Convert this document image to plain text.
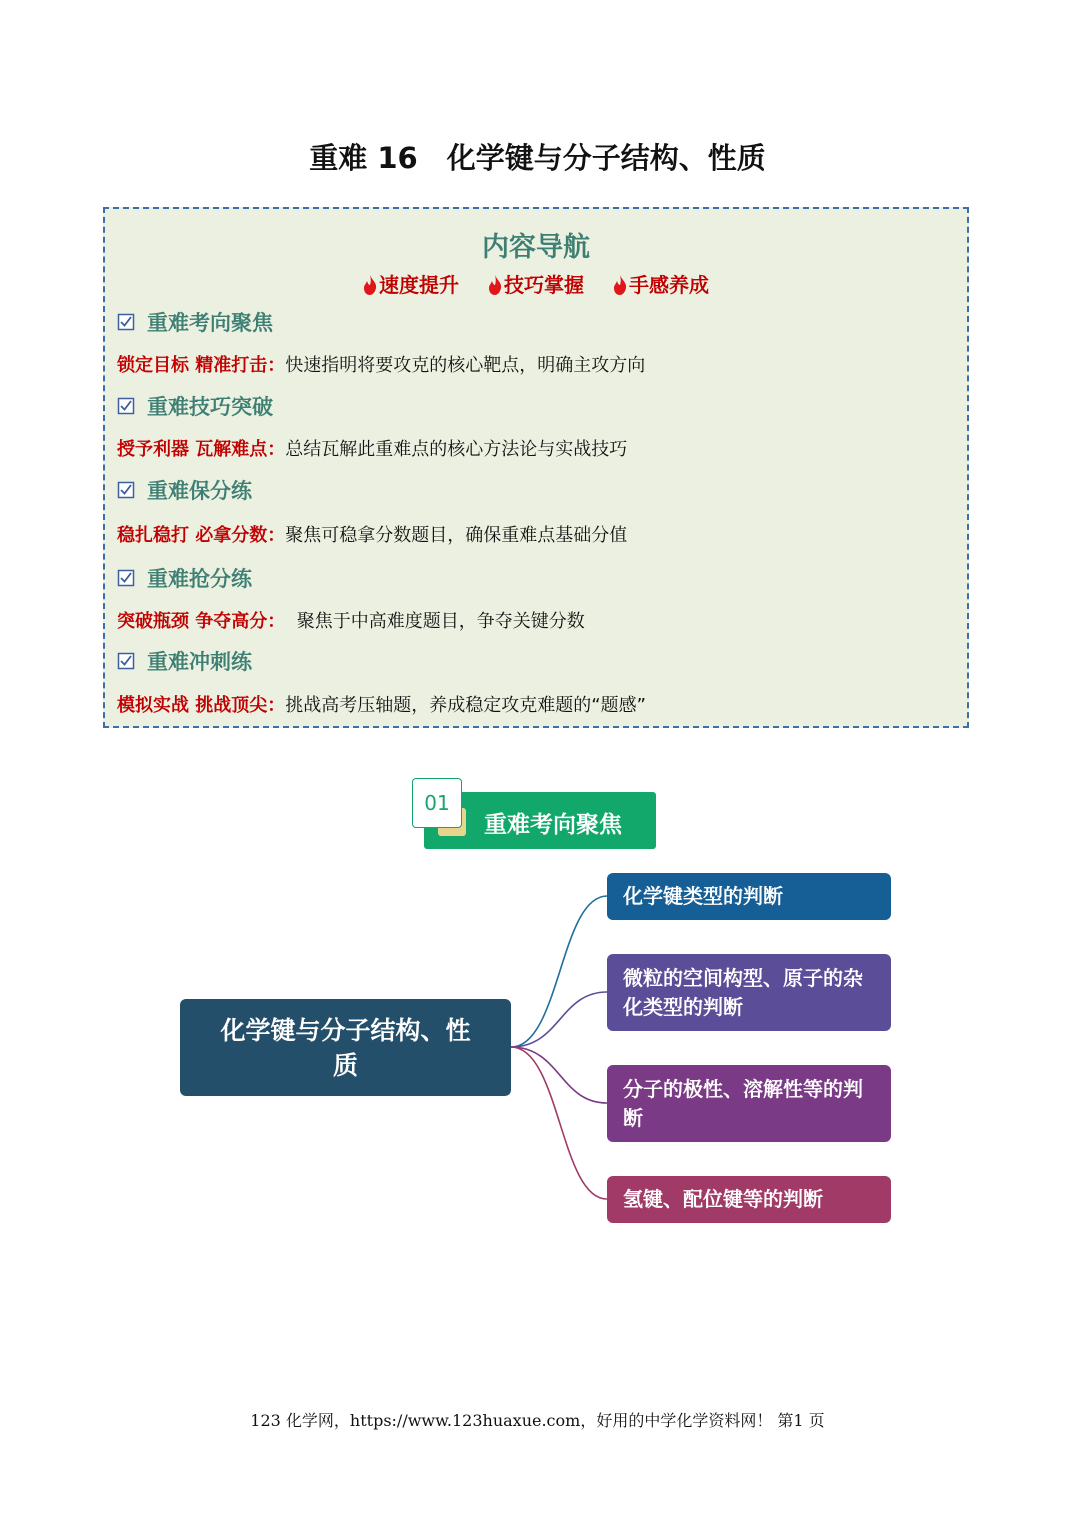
重难 16　化学键与分子结构、性质
内容导航
速度提升 技巧掌握 手感养成
重难考向聚焦
锁定目标 精准打击：快速指明将要攻克的核心靶点，明确主攻方向
重难技巧突破
授予利器 瓦解难点：总结瓦解此重难点的核心方法论与实战技巧
重难保分练
稳扎稳打 必拿分数：聚焦可稳拿分数题目，确保重难点基础分值
重难抢分练
突破瓶颈 争夺高分：  聚焦于中高难度题目，争夺关键分数
重难冲刺练
模拟实战 挑战顶尖：挑战高考压轴题，养成稳定攻克难题的“题感”
重难考向聚焦
01
化学键与分子结构、性质
化学键类型的判断
微粒的空间构型、原子的杂化类型的判断
分子的极性、溶解性等的判断
氢键、配位键等的判断
123 化学网，https://www.123huaxue.com，好用的中学化学资料网！ 第1 页
